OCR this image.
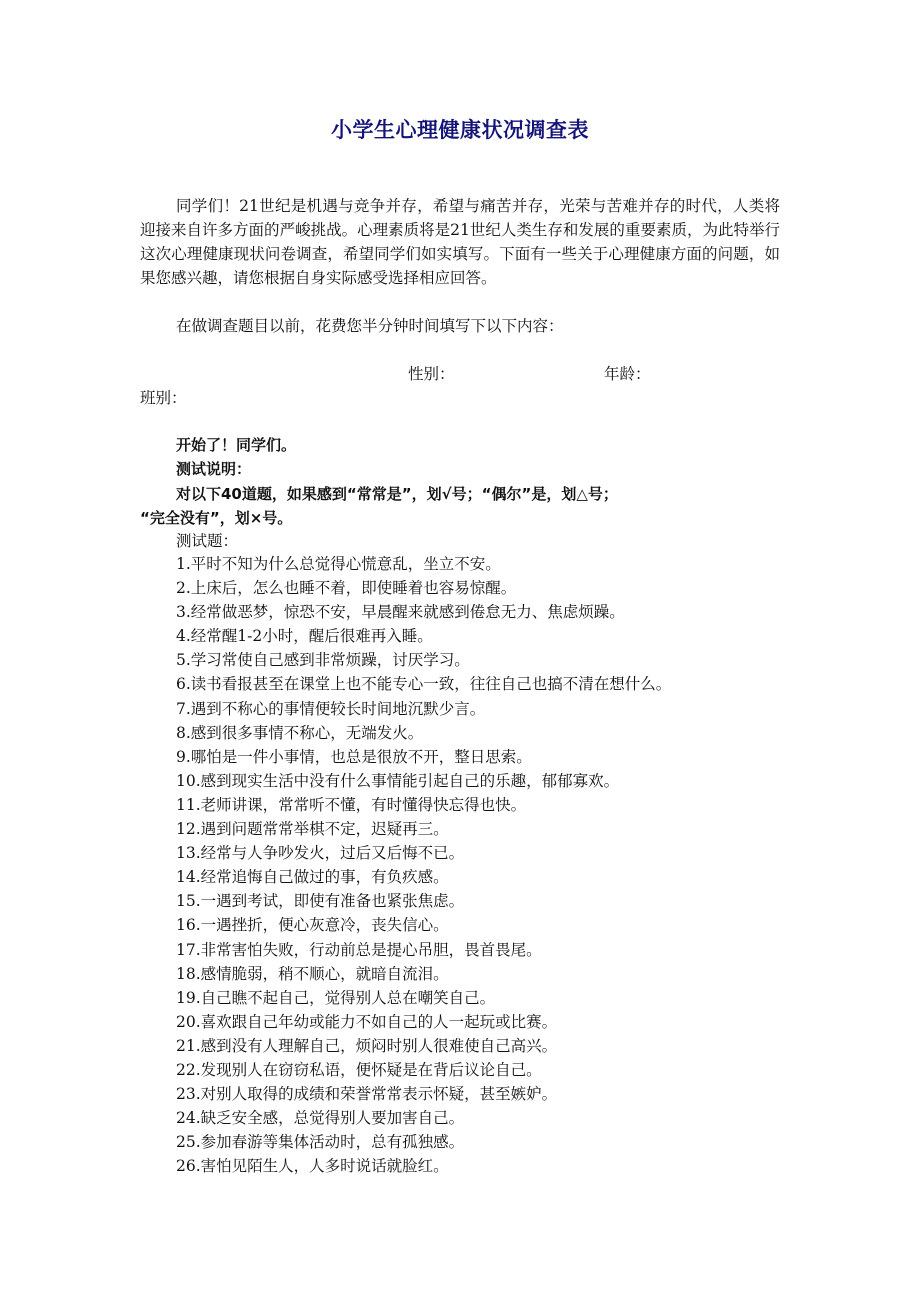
小学生心理健康状况调查表
同学们！21世纪是机遇与竞争并存，希望与痛苦并存，光荣与苦难并存的时代，人类将迎接来自许多方面的严峻挑战。心理素质将是21世纪人类生存和发展的重要素质，为此特举行这次心理健康现状问卷调查，希望同学们如实填写。下面有一些关于心理健康方面的问题，如果您感兴趣，请您根据自身实际感受选择相应回答。
在做调查题目以前，花费您半分钟时间填写下以下内容：
性别：	年龄：
班别：
开始了！同学们。
测试说明：
对以下40道题，如果感到“常常是”，划√号；“偶尔”是，划△号；
“完全没有”，划×号。
测试题：
1.平时不知为什么总觉得心慌意乱，坐立不安。
2.上床后，怎么也睡不着，即使睡着也容易惊醒。
3.经常做恶梦，惊恐不安，早晨醒来就感到倦怠无力、焦虑烦躁。
4.经常醒1-2小时，醒后很难再入睡。
5.学习常使自己感到非常烦躁，讨厌学习。
6.读书看报甚至在课堂上也不能专心一致，往往自己也搞不清在想什么。
7.遇到不称心的事情便较长时间地沉默少言。
8.感到很多事情不称心，无端发火。
9.哪怕是一件小事情，也总是很放不开，整日思索。
10.感到现实生活中没有什么事情能引起自己的乐趣，郁郁寡欢。
11.老师讲课，常常听不懂，有时懂得快忘得也快。
12.遇到问题常常举棋不定，迟疑再三。
13.经常与人争吵发火，过后又后悔不已。
14.经常追悔自己做过的事，有负疚感。
15.一遇到考试，即使有准备也紧张焦虑。
16.一遇挫折，便心灰意冷，丧失信心。
17.非常害怕失败，行动前总是提心吊胆，畏首畏尾。
18.感情脆弱，稍不顺心，就暗自流泪。
19.自己瞧不起自己，觉得别人总在嘲笑自己。
20.喜欢跟自己年幼或能力不如自己的人一起玩或比赛。
21.感到没有人理解自己，烦闷时别人很难使自己高兴。
22.发现别人在窃窃私语，便怀疑是在背后议论自己。
23.对别人取得的成绩和荣誉常常表示怀疑，甚至嫉妒。
24.缺乏安全感，总觉得别人要加害自己。
25.参加春游等集体活动时，总有孤独感。
26.害怕见陌生人，人多时说话就脸红。
